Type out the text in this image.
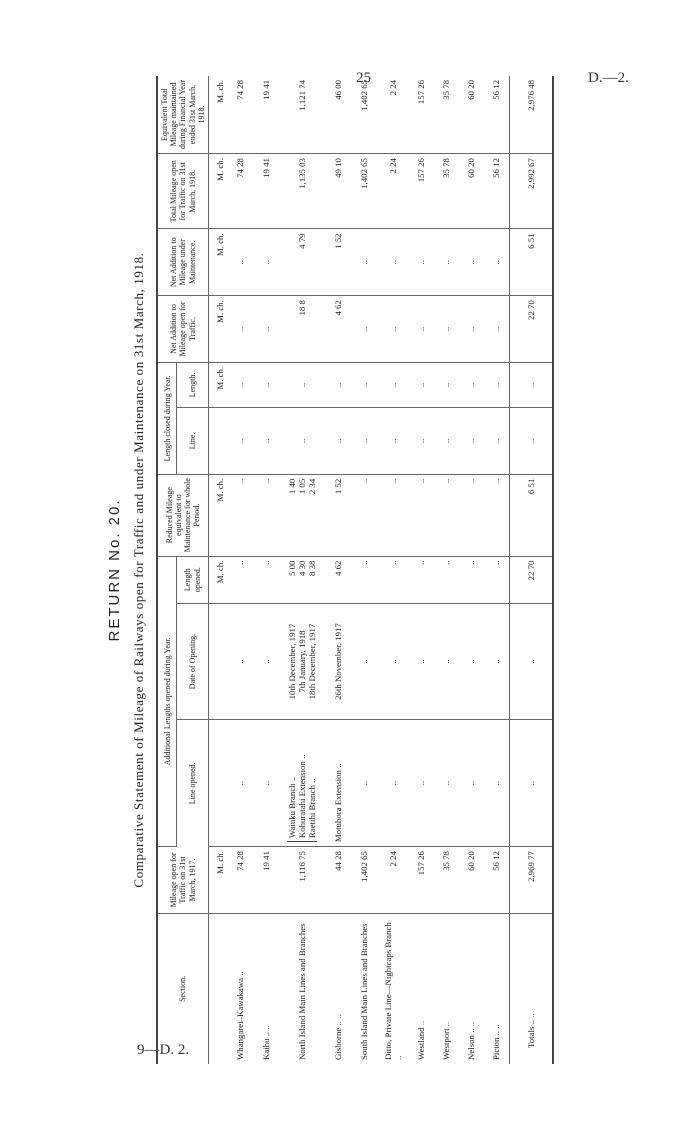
25	D.—2.
9—D. 2.
RETURN No. 20. Comparative Statement of Mileage of Railways open for Traffic and under Maintenance on 31st March, 1918.
Section.	Mileage open for Traffic on 31st March, 1917.	Additional Lengths opened during Year.			Reduced Mileage equivalent to Maintenance for whole Period.	Length closed during Year.		Net Addition to Mileage open for Traffic.	Net Addition to Mileage under Maintenance.	Total Mileage open for Traffic on 31st March, 1918.	Equivalent Total Mileage maintained during Financial Year ended 31st March, 1918.
		Line opened.	Date of Opening.	Length opened.		Line.	Length.				
	M. ch.			M. ch.	M. ch.		M. ch.	M. ch.	M. ch.	M. ch.	M. ch.
Whangarei–Kawakawa ..	74 28	..	..	..	..	..	..	..	..	74 28	74 28
Kaihu .. ..	19 41	..	..	..	..	..	..	..	..	19 41	19 41
North Island Main Lines and Branches	1,116 75	Waiuku Branch .. Kohuratahi Extension .. Raetihi Branch ..	10th December, 1917 7th January, 1918 18th December, 1917	5 00 4 30 8 38	1 40 1 05 2 34	..	..	18 8	4 79	1,135 03	1,121 74
Gisborne .. ..	44 28	Motuhora Extension ..	26th November, 1917	4 62	1 52	..	..	4 62	1 52	49 10	46 00
South Island Main Lines and Branches	1,402 65	..	..	..	..	..	..	..	..	1,402 65	1,402 65
Ditto, Private Line—Nightcaps Branch ..	2 24	..	..	..	..	..	..	..	..	2 24	2 24
Westland ..	157 26	..	..	..	..	..	..	..	..	157 26	157 26
Westport ..	35 78	..	..	..	..	..	..	..	..	35 78	35 78
Nelson .. ..	60 20	..	..	..	..	..	..	..	..	60 20	60 20
Picton .. ..	56 12	..	..	..	..	..	..	..	..	56 12	56 12
Totals .. ..	2,969 77	..	..	22 70	6 51	..	..	22 70	6 51	2,992 67	2,976 48
